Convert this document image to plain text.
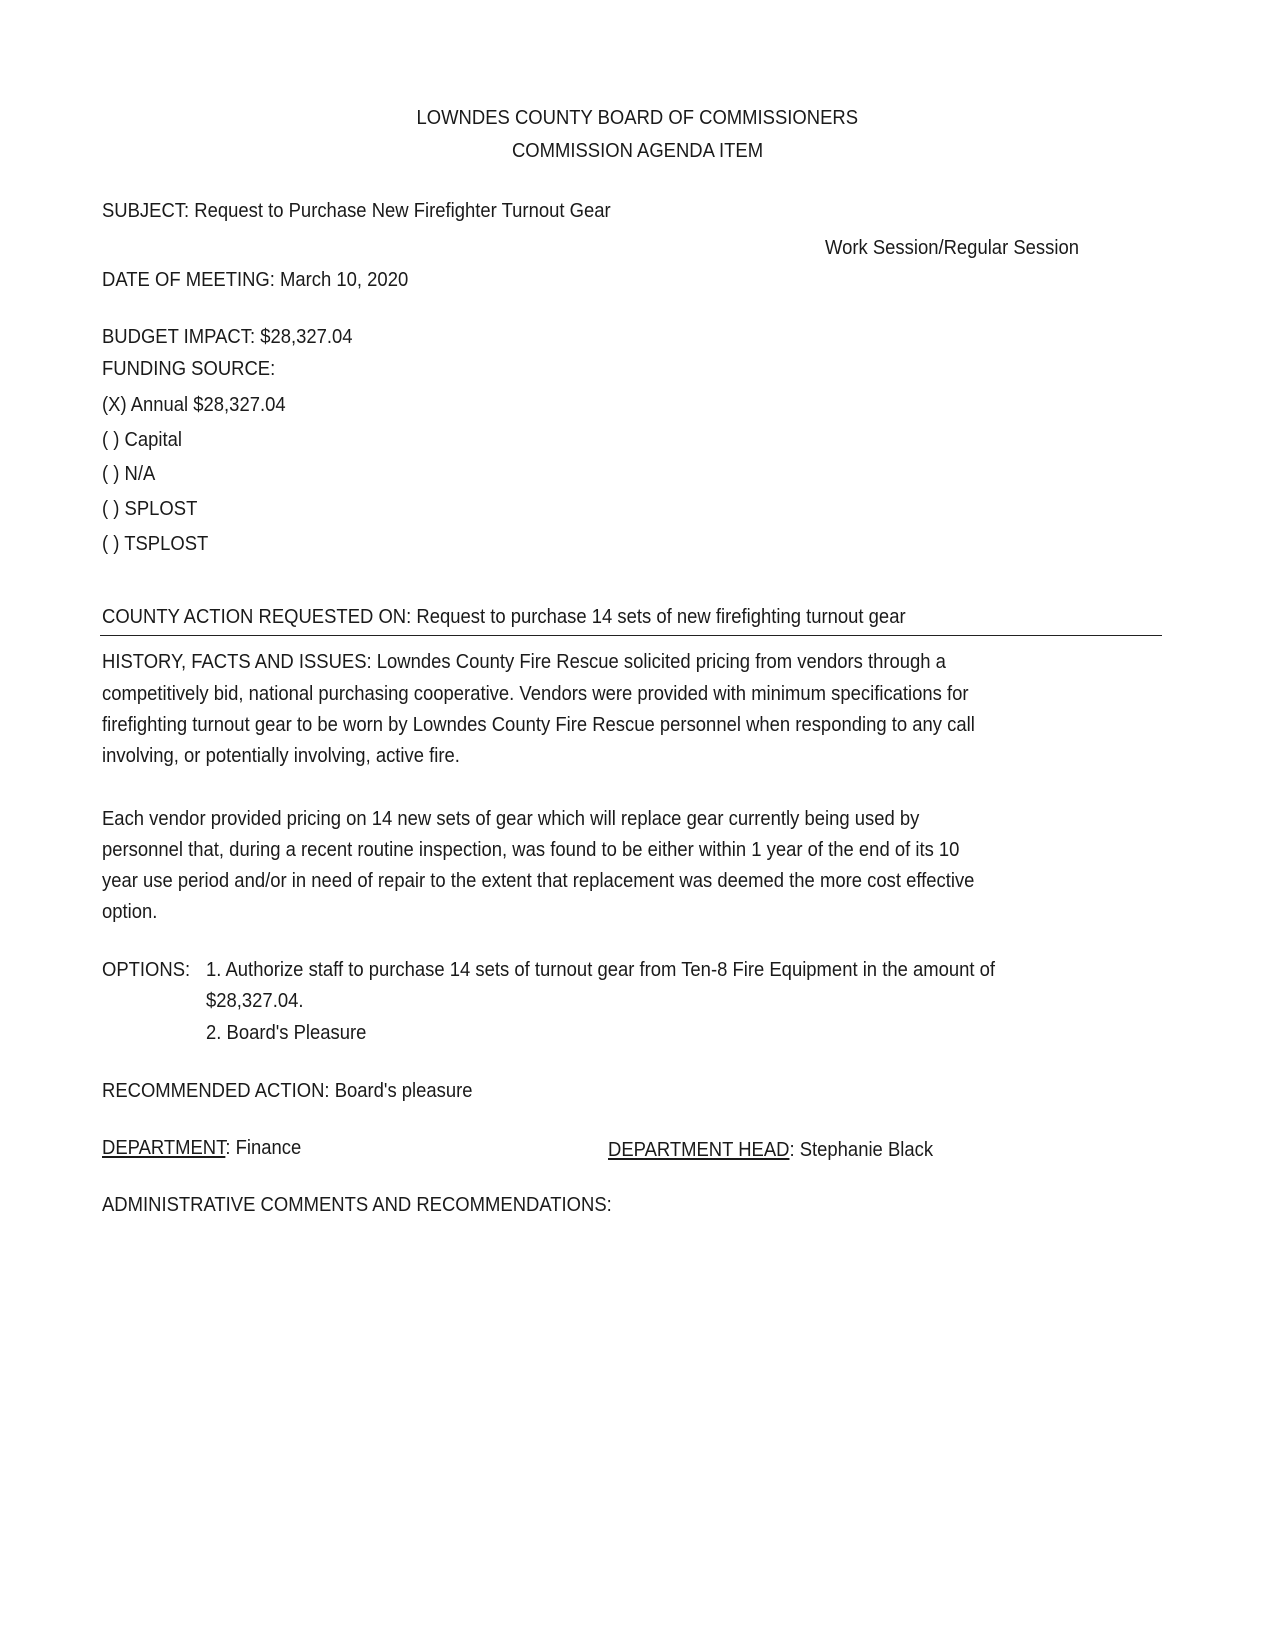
LOWNDES COUNTY BOARD OF COMMISSIONERS
COMMISSION AGENDA ITEM
SUBJECT: Request to Purchase New Firefighter Turnout Gear
Work Session/Regular Session
DATE OF MEETING: March 10, 2020
BUDGET IMPACT: $28,327.04
FUNDING SOURCE:
(X) Annual $28,327.04
( ) Capital
( ) N/A
( ) SPLOST
( ) TSPLOST
COUNTY ACTION REQUESTED ON: Request to purchase 14 sets of new firefighting turnout gear
HISTORY, FACTS AND ISSUES: Lowndes County Fire Rescue solicited pricing from vendors through a
competitively bid, national purchasing cooperative. Vendors were provided with minimum specifications for
firefighting turnout gear to be worn by Lowndes County Fire Rescue personnel when responding to any call
involving, or potentially involving, active fire.
Each vendor provided pricing on 14 new sets of gear which will replace gear currently being used by
personnel that, during a recent routine inspection, was found to be either within 1 year of the end of its 10
year use period and/or in need of repair to the extent that replacement was deemed the more cost effective
option.
OPTIONS: 1. Authorize staff to purchase 14 sets of turnout gear from Ten-8 Fire Equipment in the amount of
$28,327.04.
2. Board's Pleasure
RECOMMENDED ACTION: Board's pleasure
DEPARTMENT: Finance	DEPARTMENT HEAD: Stephanie Black
ADMINISTRATIVE COMMENTS AND RECOMMENDATIONS:
